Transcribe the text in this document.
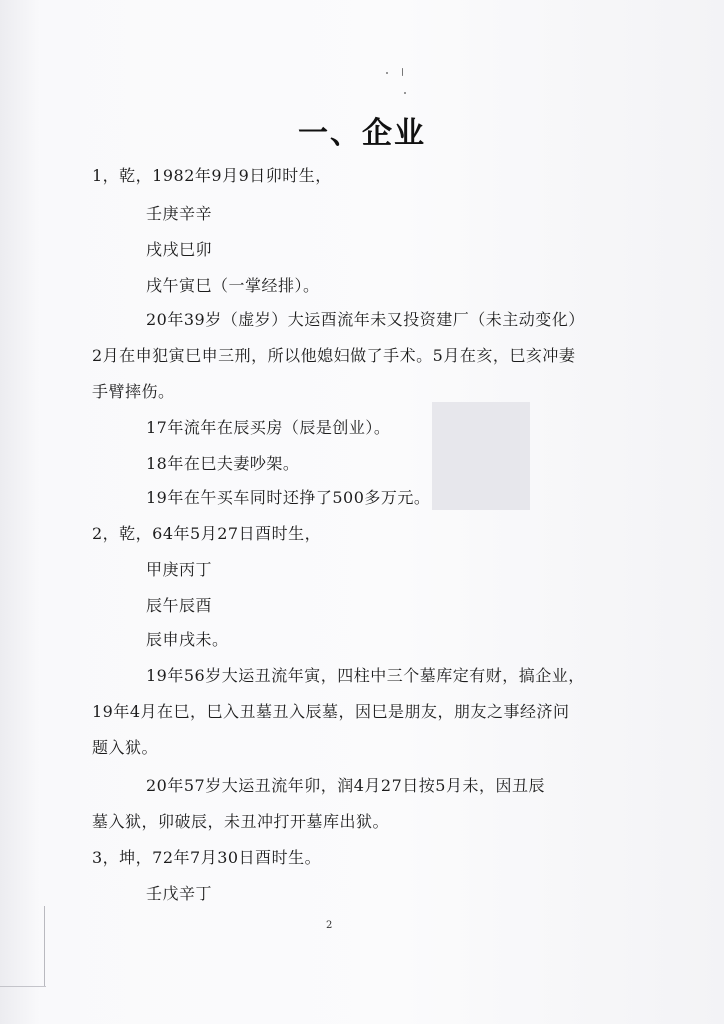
一、企业
1，乾，1982年9月9日卯时生，
壬庚辛辛
戌戌巳卯
戌午寅巳（一掌经排）。
20年39岁（虚岁）大运酉流年未又投资建厂（未主动变化）
2月在申犯寅巳申三刑，所以他媳妇做了手术。5月在亥，巳亥冲妻
手臂摔伤。
17年流年在辰买房（辰是创业）。
18年在巳夫妻吵架。
19年在午买车同时还挣了500多万元。
2，乾，64年5月27日酉时生，
甲庚丙丁
辰午辰酉
辰申戌未。
19年56岁大运丑流年寅，四柱中三个墓库定有财，搞企业，
19年4月在巳，巳入丑墓丑入辰墓，因巳是朋友，朋友之事经济问
题入狱。
20年57岁大运丑流年卯，润4月27日按5月未，因丑辰
墓入狱，卯破辰，未丑冲打开墓库出狱。
3，坤，72年7月30日酉时生。
壬戊辛丁
2
